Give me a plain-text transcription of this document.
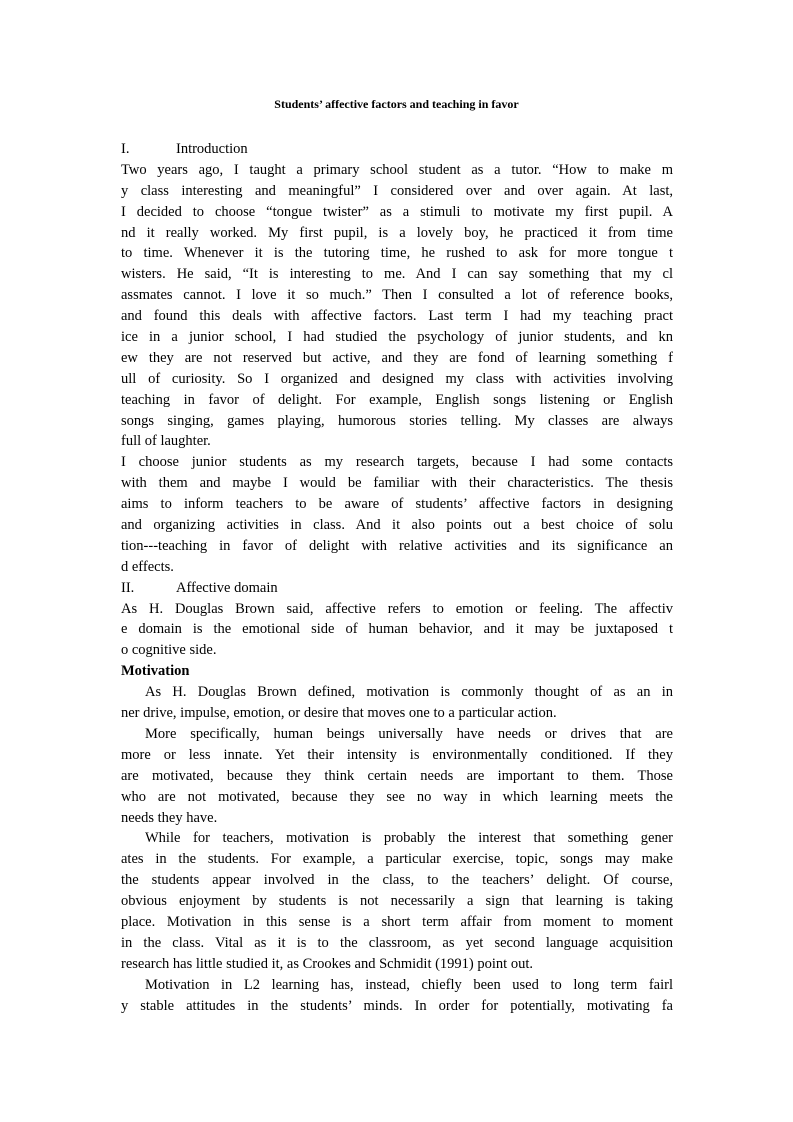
Students’ affective factors and teaching in favor
I.	Introduction
Two years ago, I taught a primary school student as a tutor. “How to make m
y class interesting and meaningful” I considered over and over again. At last,
I decided to choose “tongue twister” as a stimuli to motivate my first pupil. A
nd it really worked. My first pupil, is a lovely boy, he practiced it from time
to time. Whenever it is the tutoring time, he rushed to ask for more tongue t
wisters. He said, “It is interesting to me. And I can say something that my cl
assmates cannot. I love it so much.” Then I consulted a lot of reference books,
and found this deals with affective factors. Last term I had my teaching pract
ice in a junior school, I had studied the psychology of junior students, and kn
ew they are not reserved but active, and they are fond of learning something f
ull of curiosity. So I organized and designed my class with activities involving
teaching in favor of delight. For example, English songs listening or English
songs singing, games playing, humorous stories telling. My classes are always
full of laughter.
I choose junior students as my research targets, because I had some contacts
with them and maybe I would be familiar with their characteristics. The thesis
aims to inform teachers to be aware of students’ affective factors in designing
and organizing activities in class. And it also points out a best choice of solu
tion---teaching in favor of delight with relative activities and its significance an
d effects.
II.	Affective domain
As H. Douglas Brown said, affective refers to emotion or feeling. The affectiv
e domain is the emotional side of human behavior, and it may be juxtaposed t
o cognitive side.
Motivation
As H. Douglas Brown defined, motivation is commonly thought of as an in
ner drive, impulse, emotion, or desire that moves one to a particular action.
More specifically, human beings universally have needs or drives that are
more or less innate. Yet their intensity is environmentally conditioned. If they
are motivated, because they think certain needs are important to them. Those
who are not motivated, because they see no way in which learning meets the
needs they have.
While for teachers, motivation is probably the interest that something gener
ates in the students. For example, a particular exercise, topic, songs may make
the students appear involved in the class, to the teachers’ delight. Of course,
obvious enjoyment by students is not necessarily a sign that learning is taking
place. Motivation in this sense is a short term affair from moment to moment
in the class. Vital as it is to the classroom, as yet second language acquisition
research has little studied it, as Crookes and Schmidit (1991) point out.
Motivation in L2 learning has, instead, chiefly been used to long term fairl
y stable attitudes in the students’ minds. In order for potentially, motivating fa
